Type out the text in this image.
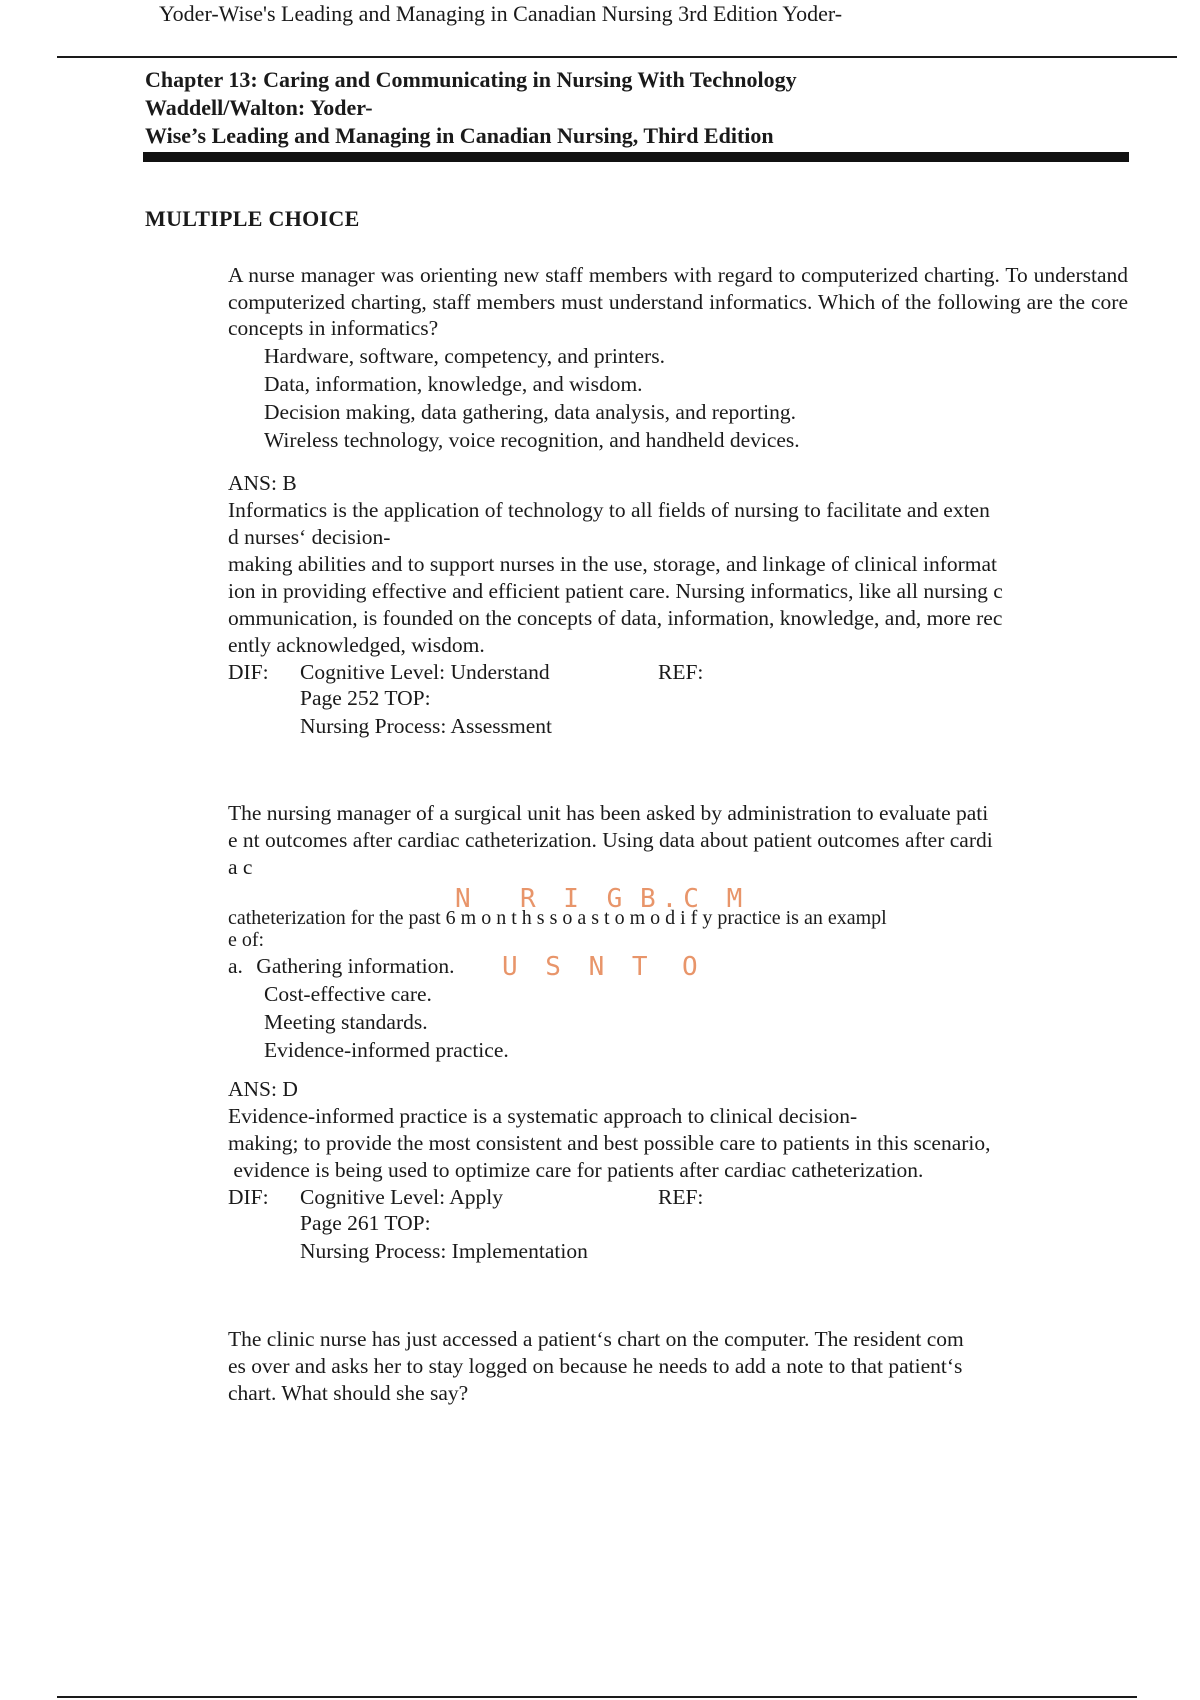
Yoder-Wise's Leading and Managing in Canadian Nursing 3rd Edition Yoder-
Chapter 13: Caring and Communicating in Nursing With Technology
Waddell/Walton: Yoder-
Wise’s Leading and Managing in Canadian Nursing, Third Edition
MULTIPLE CHOICE

A nurse manager was orienting new staff members with regard to computerized charting. To understand computerized charting, staff members must understand informatics. Which of the following are the core concepts in informatics?

Hardware, software, competency, and printers.
Data, information, knowledge, and wisdom.
Decision making, data gathering, data analysis, and reporting.
Wireless technology, voice recognition, and handheld devices.
ANS: B
Informatics is the application of technology to all fields of nursing to facilitate and exten
d nurses‘ decision-
making abilities and to support nurses in the use, storage, and linkage of clinical informat
ion in providing effective and efficient patient care. Nursing informatics, like all nursing c
ommunication, is founded on the concepts of data, information, knowledge, and, more rec
ently acknowledged, wisdom.
DIF: Cognitive Level: Understand	REF:
Page 252 TOP:
Nursing Process: Assessment
The nursing manager of a surgical unit has been asked by administration to evaluate pati
e nt outcomes after cardiac catheterization. Using data about patient outcomes after cardi
a c
catheterization for the past 6 m o n t h s s o a s t o m o d i f y practice is an exampl
e of:
a. Gathering information.
Cost-effective care.
Meeting standards.
Evidence-informed practice.
ANS: D
Evidence-informed practice is a systematic approach to clinical decision-
making; to provide the most consistent and best possible care to patients in this scenario,
evidence is being used to optimize care for patients after cardiac catheterization.
DIF: Cognitive Level: Apply	REF:
Page 261 TOP:
Nursing Process: Implementation
N  R I G B.C M
U S N T O
The clinic nurse has just accessed a patient‘s chart on the computer. The resident com
es over and asks her to stay logged on because he needs to add a note to that patient‘s
chart. What should she say?
